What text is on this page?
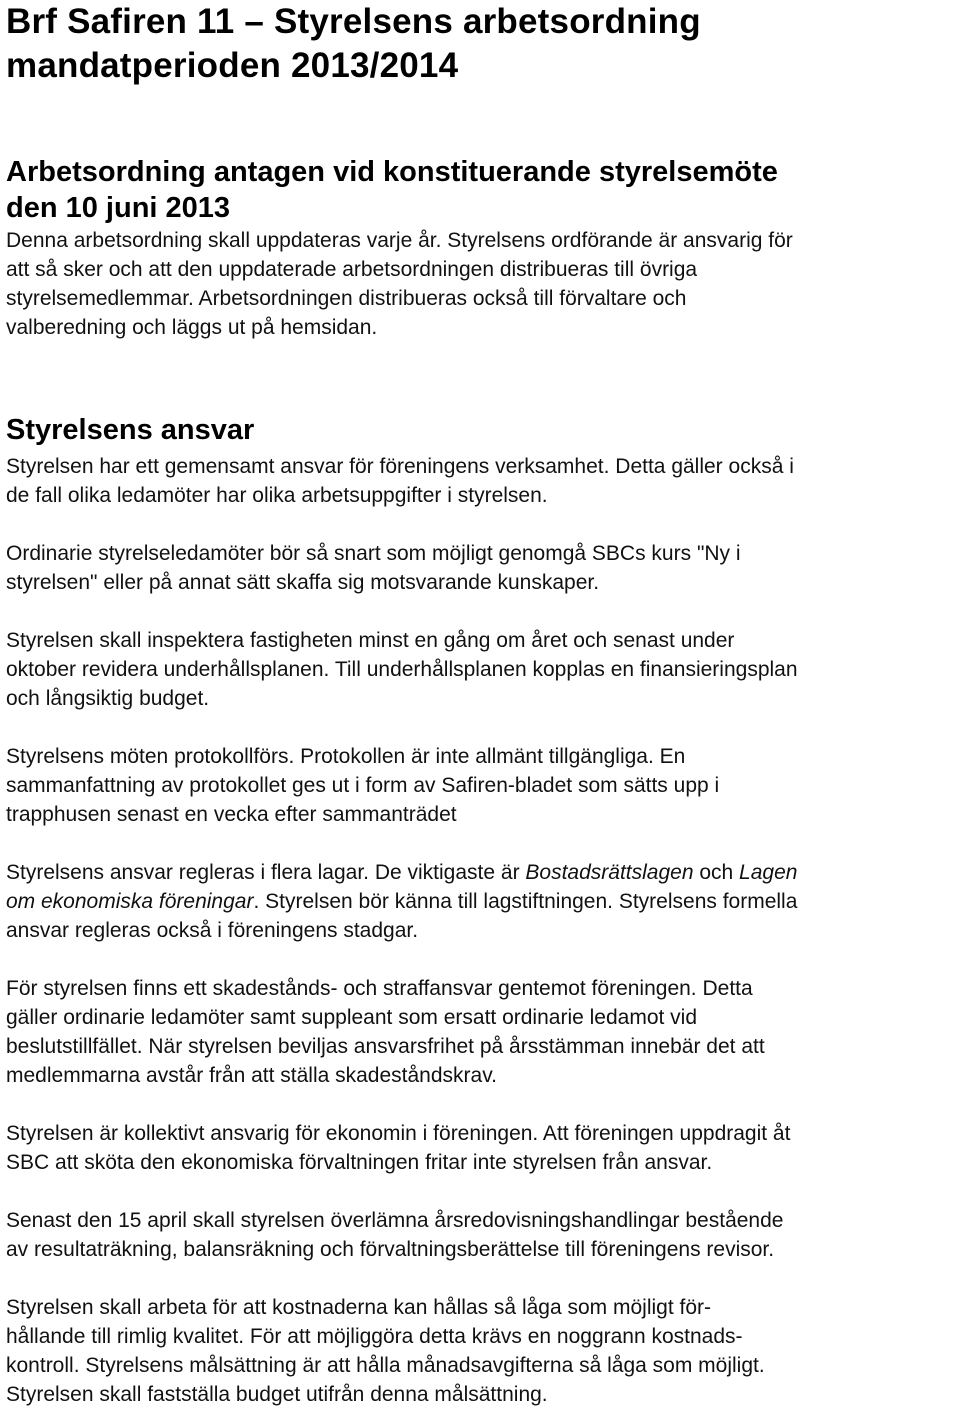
Brf Safiren 11 – Styrelsens arbetsordning
mandatperioden 2013/2014
Arbetsordning antagen vid konstituerande styrelsemöte
den 10 juni 2013

Denna arbetsordning skall uppdateras varje år. Styrelsens ordförande är ansvarig för
att så sker och att den uppdaterade arbetsordningen distribueras till övriga
styrelsemedlemmar. Arbetsordningen distribueras också till förvaltare och
valberedning och läggs ut på hemsidan.

Styrelsens ansvar

Styrelsen har ett gemensamt ansvar för föreningens verksamhet. Detta gäller också i
de fall olika ledamöter har olika arbetsuppgifter i styrelsen.

Ordinarie styrelseledamöter bör så snart som möjligt genomgå SBCs kurs "Ny i
styrelsen" eller på annat sätt skaffa sig motsvarande kunskaper.

Styrelsen skall inspektera fastigheten minst en gång om året och senast under
oktober revidera underhållsplanen. Till underhållsplanen kopplas en finansieringsplan
och långsiktig budget.

Styrelsens möten protokollförs. Protokollen är inte allmänt tillgängliga. En
sammanfattning av protokollet ges ut i form av Safiren-bladet som sätts upp i
trapphusen senast en vecka efter sammanträdet

Styrelsens ansvar regleras i flera lagar. De viktigaste är Bostadsrättslagen och Lagen
om ekonomiska föreningar. Styrelsen bör känna till lagstiftningen. Styrelsens formella
ansvar regleras också i föreningens stadgar.

För styrelsen finns ett skadestånds- och straffansvar gentemot föreningen. Detta
gäller ordinarie ledamöter samt suppleant som ersatt ordinarie ledamot vid
beslutstillfället. När styrelsen beviljas ansvarsfrihet på årsstämman innebär det att
medlemmarna avstår från att ställa skadeståndskrav.

Styrelsen är kollektivt ansvarig för ekonomin i föreningen. Att föreningen uppdragit åt
SBC att sköta den ekonomiska förvaltningen fritar inte styrelsen från ansvar.

Senast den 15 april skall styrelsen överlämna årsredovisningshandlingar bestående
av resultaträkning, balansräkning och förvaltningsberättelse till föreningens revisor.

Styrelsen skall arbeta för att kostnaderna kan hållas så låga som möjligt för-
hållande till rimlig kvalitet. För att möjliggöra detta krävs en noggrann kostnads-
kontroll. Styrelsens målsättning är att hålla månadsavgifterna så låga som möjligt.
Styrelsen skall fastställa budget utifrån denna målsättning.
